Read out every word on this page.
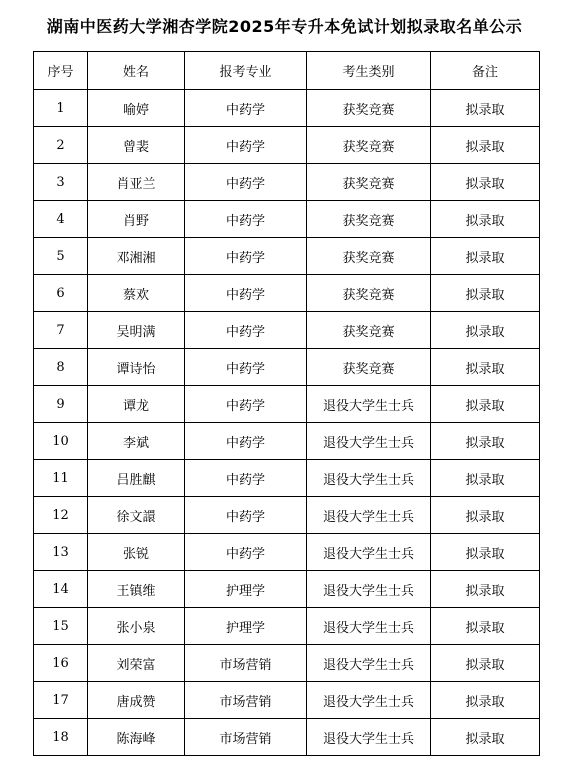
湖南中医药大学湘杏学院2025年专升本免试计划拟录取名单公示
序号	姓名	报考专业	考生类别	备注
1	喻婷	中药学	获奖竞赛	拟录取
2	曾裴	中药学	获奖竞赛	拟录取
3	肖亚兰	中药学	获奖竞赛	拟录取
4	肖野	中药学	获奖竞赛	拟录取
5	邓湘湘	中药学	获奖竞赛	拟录取
6	蔡欢	中药学	获奖竞赛	拟录取
7	吴明满	中药学	获奖竞赛	拟录取
8	谭诗怡	中药学	获奖竞赛	拟录取
9	谭龙	中药学	退役大学生士兵	拟录取
10	李斌	中药学	退役大学生士兵	拟录取
11	吕胜麒	中药学	退役大学生士兵	拟录取
12	徐文譞	中药学	退役大学生士兵	拟录取
13	张锐	中药学	退役大学生士兵	拟录取
14	王镇维	护理学	退役大学生士兵	拟录取
15	张小泉	护理学	退役大学生士兵	拟录取
16	刘荣富	市场营销	退役大学生士兵	拟录取
17	唐成赞	市场营销	退役大学生士兵	拟录取
18	陈海峰	市场营销	退役大学生士兵	拟录取
